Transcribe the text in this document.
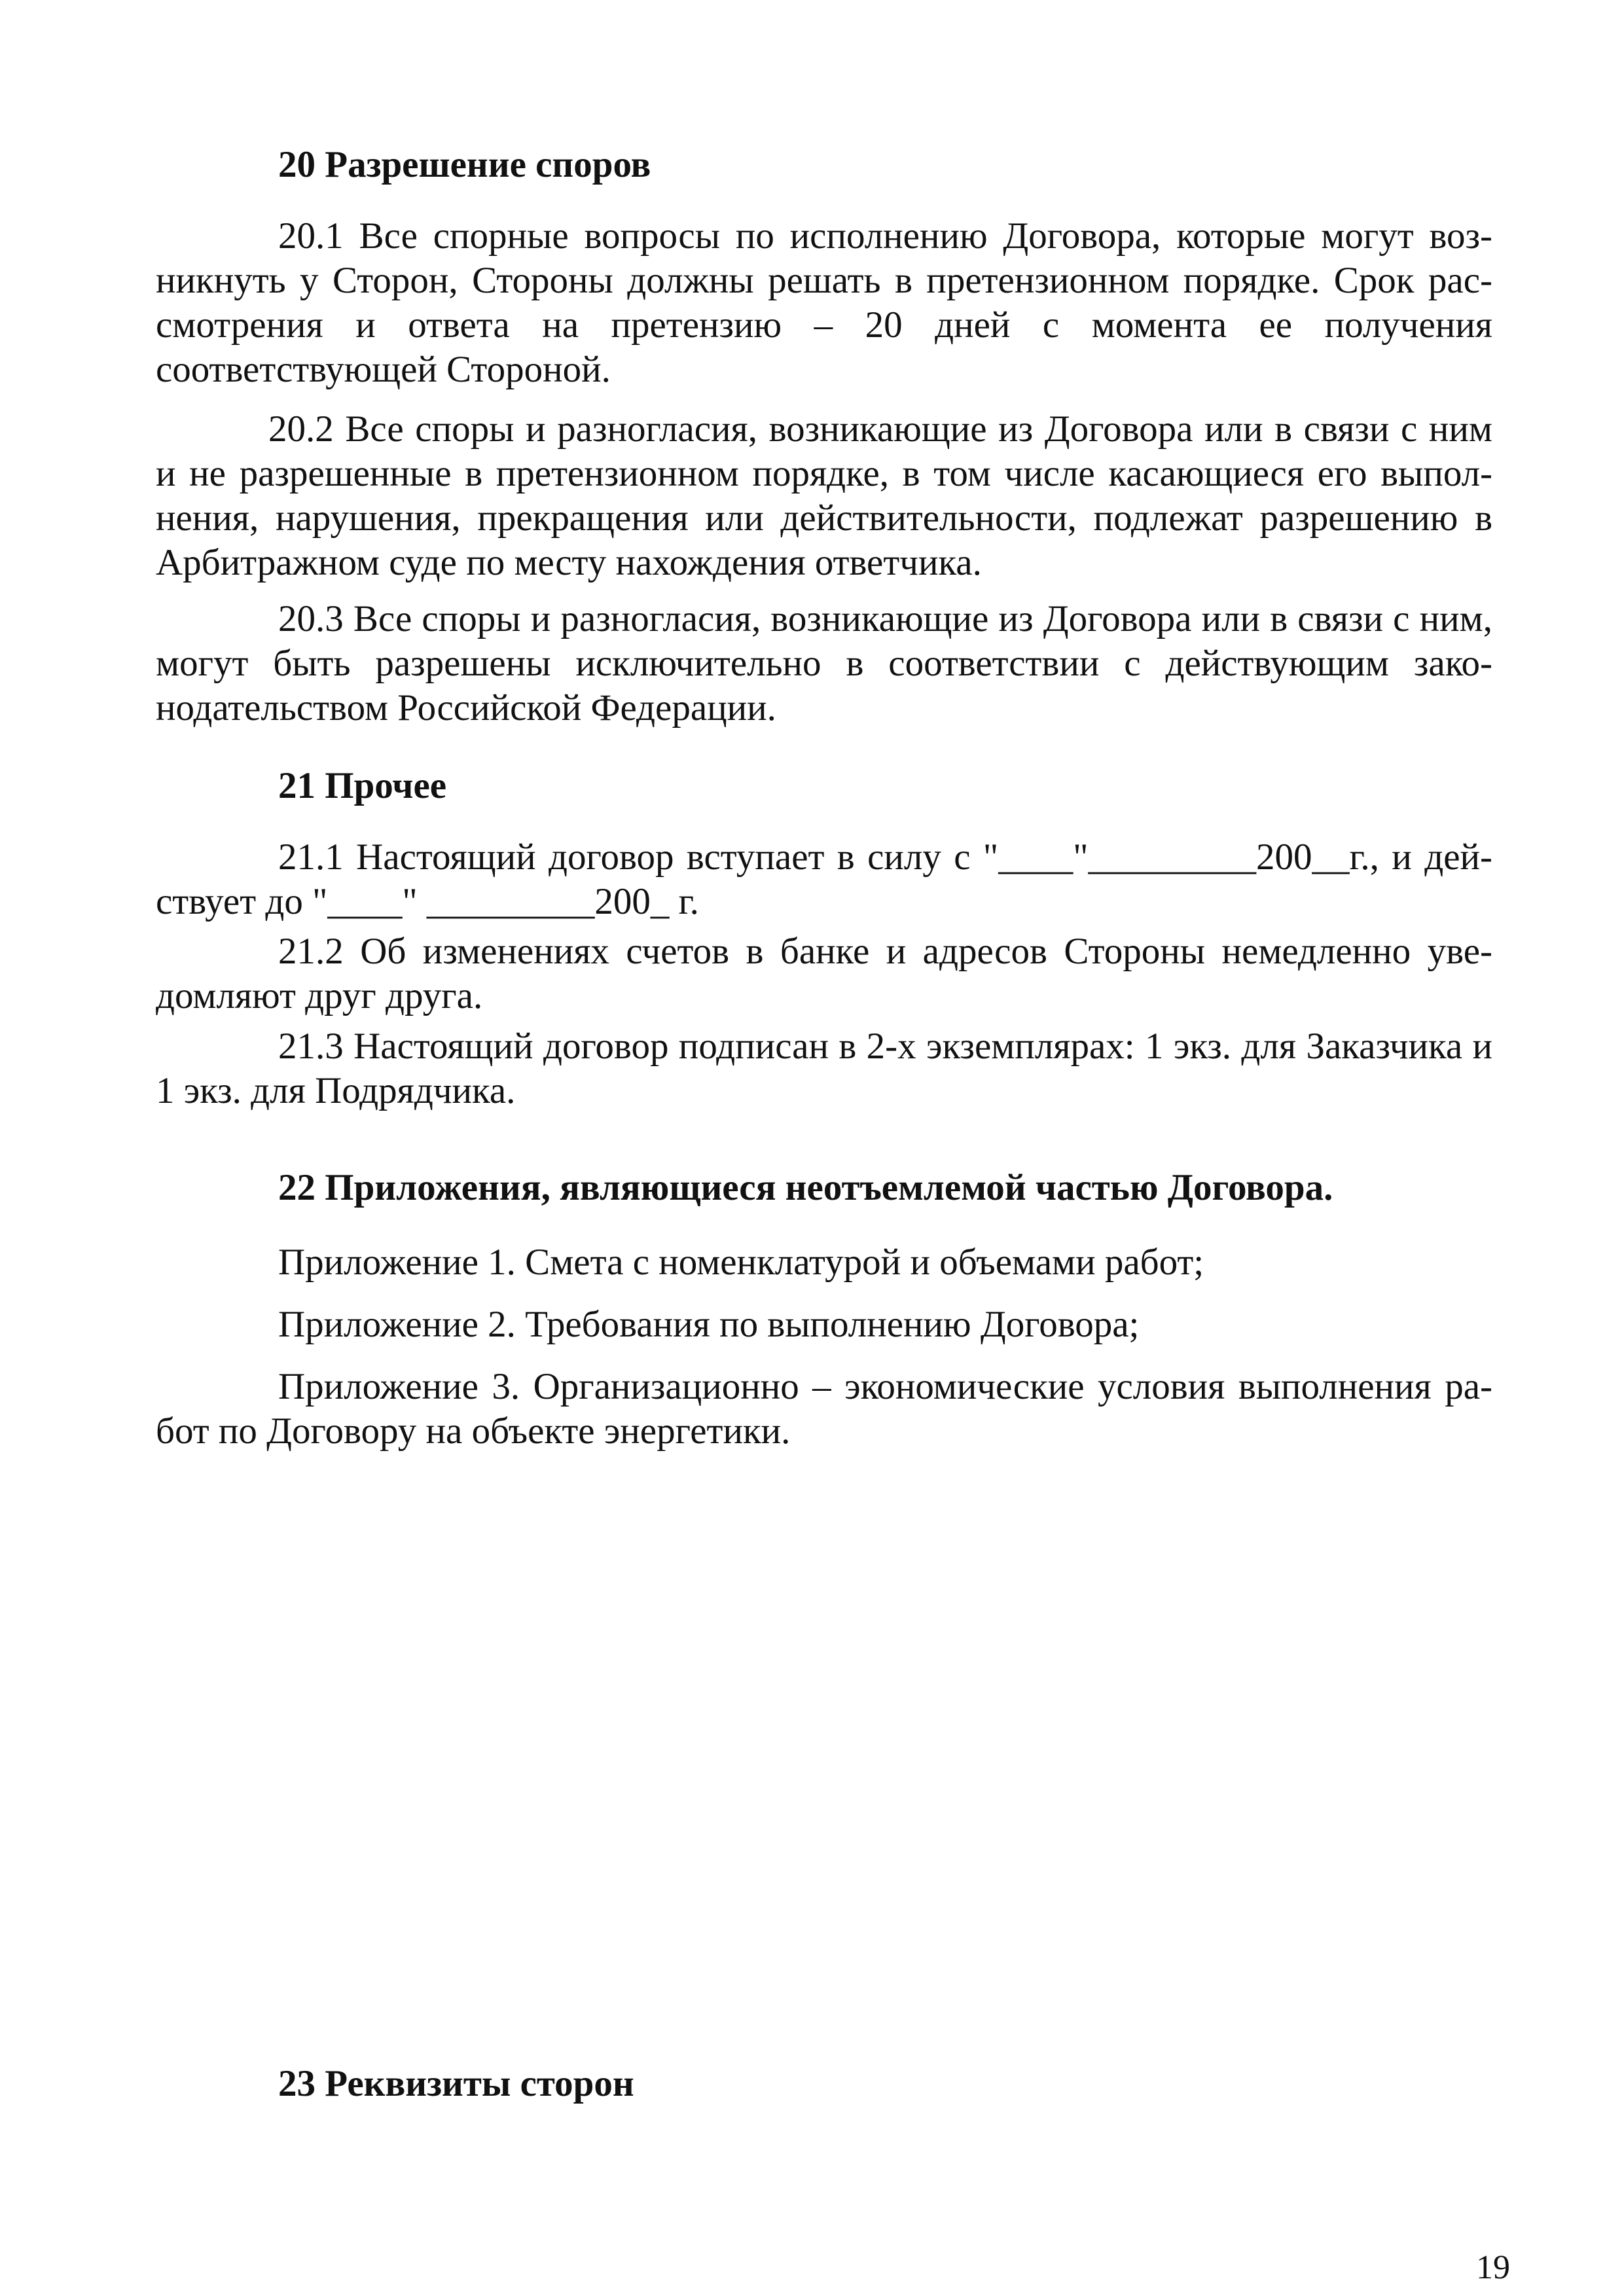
20 Разрешение споров

20.1 Все спорные вопросы по исполнению Договора, которые могут возникнуть у Сторон, Стороны должны решать в претензионном порядке. Срок рассмотрения и ответа на претензию – 20 дней с момента ее получения соответствующей Стороной.

20.2 Все споры и разногласия, возникающие из Договора или в связи с ним и не разрешенные в претензионном порядке, в том числе касающиеся его выполнения, нарушения, прекращения или действительности, подлежат разрешению в Арбитражном суде по месту нахождения ответчика.

20.3 Все споры и разногласия, возникающие из Договора или в связи с ним, могут быть разрешены исключительно в соответствии с действующим законодательством Российской Федерации.

21 Прочее

21.1 Настоящий договор вступает в силу с "____"_________200__г., и действует до "____" _________200_ г.

21.2 Об изменениях счетов в банке и адресов Стороны немедленно уведомляют друг друга.

21.3 Настоящий договор подписан в 2-х экземплярах: 1 экз. для Заказчика и 1 экз. для Подрядчика.

22 Приложения, являющиеся неотъемлемой частью Договора.

Приложение 1. Смета с номенклатурой и объемами работ;

Приложение 2. Требования по выполнению Договора;

Приложение 3. Организационно – экономические условия выполнения работ по Договору на объекте энергетики.

23 Реквизиты сторон
19
